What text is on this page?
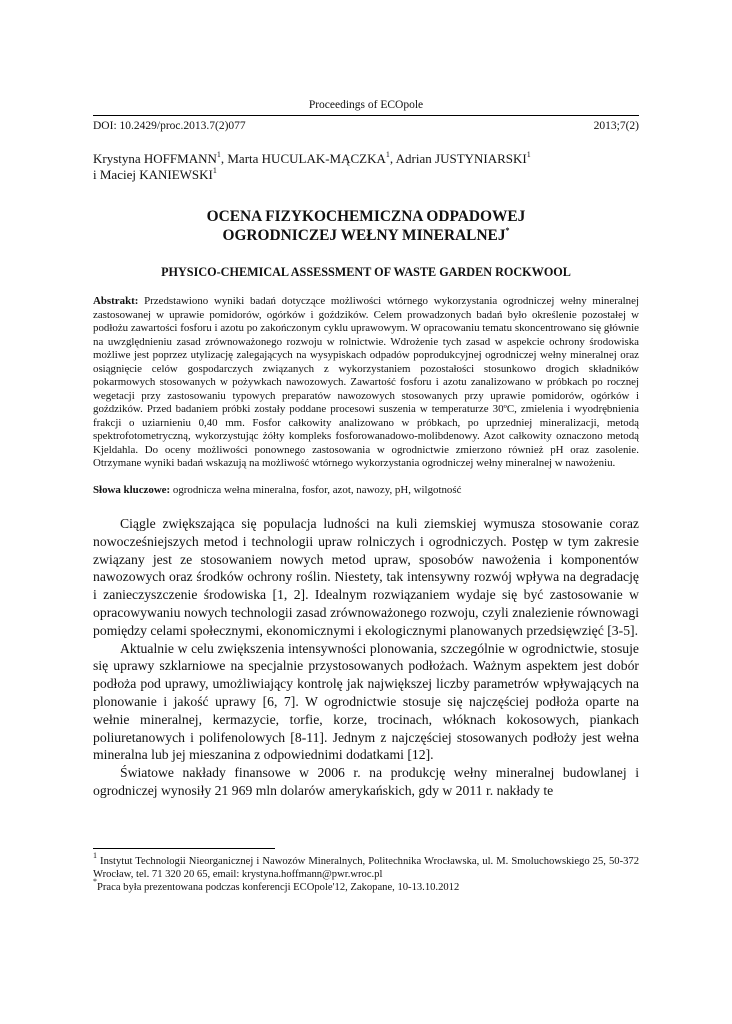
Proceedings of ECOpole
DOI: 10.2429/proc.2013.7(2)077	2013;7(2)
Krystyna HOFFMANN$^1$, Marta HUCULAK-MĄCZKA$^1$, Adrian JUSTYNIARSKI$^1$
i Maciej KANIEWSKI$^1$
OCENA FIZYKOCHEMICZNA ODPADOWEJ
OGRODNICZEJ WEŁNY MINERALNEJ*
PHYSICO-CHEMICAL ASSESSMENT OF WASTE GARDEN ROCKWOOL
Abstrakt: Przedstawiono wyniki badań dotyczące możliwości wtórnego wykorzystania ogrodniczej wełny mineralnej zastosowanej w uprawie pomidorów, ogórków i goździków. Celem prowadzonych badań było określenie pozostałej w podłożu zawartości fosforu i azotu po zakończonym cyklu uprawowym. W opracowaniu tematu skoncentrowano się głównie na uwzględnieniu zasad zrównoważonego rozwoju w rolnictwie. Wdrożenie tych zasad w aspekcie ochrony środowiska możliwe jest poprzez utylizację zalegających na wysypiskach odpadów poprodukcyjnej ogrodniczej wełny mineralnej oraz osiągnięcie celów gospodarczych związanych z wykorzystaniem pozostałości stosunkowo drogich składników pokarmowych stosowanych w pożywkach nawozowych. Zawartość fosforu i azotu zanalizowano w próbkach po rocznej wegetacji przy zastosowaniu typowych preparatów nawozowych stosowanych przy uprawie pomidorów, ogórków i goździków. Przed badaniem próbki zostały poddane procesowi suszenia w temperaturze 30ºC, zmielenia i wyodrębnienia frakcji o uziarnieniu 0,40 mm. Fosfor całkowity analizowano w próbkach, po uprzedniej mineralizacji, metodą spektrofotometryczną, wykorzystując żółty kompleks fosforowanadowo-molibdenowy. Azot całkowity oznaczono metodą Kjeldahla. Do oceny możliwości ponownego zastosowania w ogrodnictwie zmierzono również pH oraz zasolenie. Otrzymane wyniki badań wskazują na możliwość wtórnego wykorzystania ogrodniczej wełny mineralnej w nawożeniu.
Słowa kluczowe: ogrodnicza wełna mineralna, fosfor, azot, nawozy, pH, wilgotność

Ciągle zwiększająca się populacja ludności na kuli ziemskiej wymusza stosowanie coraz nowocześniejszych metod i technologii upraw rolniczych i ogrodniczych. Postęp w tym zakresie związany jest ze stosowaniem nowych metod upraw, sposobów nawożenia i komponentów nawozowych oraz środków ochrony roślin. Niestety, tak intensywny rozwój wpływa na degradację i zanieczyszczenie środowiska [1, 2]. Idealnym rozwiązaniem wydaje się być zastosowanie w opracowywaniu nowych technologii zasad zrównoważonego rozwoju, czyli znalezienie równowagi pomiędzy celami społecznymi, ekonomicznymi i ekologicznymi planowanych przedsięwzięć [3-5].

Aktualnie w celu zwiększenia intensywności plonowania, szczególnie w ogrodnictwie, stosuje się uprawy szklarniowe na specjalnie przystosowanych podłożach. Ważnym aspektem jest dobór podłoża pod uprawy, umożliwiający kontrolę jak największej liczby parametrów wpływających na plonowanie i jakość uprawy [6, 7]. W ogrodnictwie stosuje się najczęściej podłoża oparte na wełnie mineralnej, kermazycie, torfie, korze, trocinach, włóknach kokosowych, piankach poliuretanowych i polifenolowych [8-11]. Jednym z najczęściej stosowanych podłoży jest wełna mineralna lub jej mieszanina z odpowiednimi dodatkami [12].

Światowe nakłady finansowe w 2006 r. na produkcję wełny mineralnej budowlanej i ogrodniczej wynosiły 21 969 mln dolarów amerykańskich, gdy w 2011 r. nakłady te

$^1$ Instytut Technologii Nieorganicznej i Nawozów Mineralnych, Politechnika Wrocławska, ul. M. Smoluchowskiego 25, 50-372 Wrocław, tel. 71 320 20 65, email: krystyna.hoffmann@pwr.wroc.pl
*Praca była prezentowana podczas konferencji ECOpole'12, Zakopane, 10-13.10.2012
